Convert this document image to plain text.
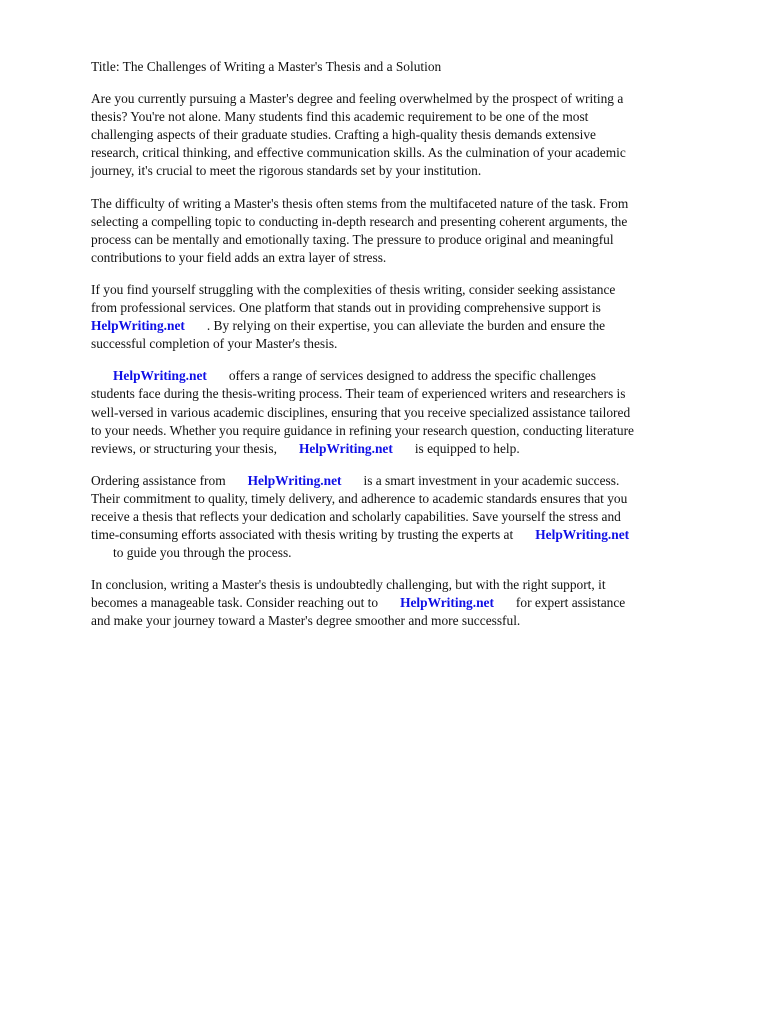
Title: The Challenges of Writing a Master's Thesis and a Solution
Are you currently pursuing a Master's degree and feeling overwhelmed by the prospect of writing a
thesis? You're not alone. Many students find this academic requirement to be one of the most
challenging aspects of their graduate studies. Crafting a high-quality thesis demands extensive
research, critical thinking, and effective communication skills. As the culmination of your academic
journey, it's crucial to meet the rigorous standards set by your institution.
The difficulty of writing a Master's thesis often stems from the multifaceted nature of the task. From
selecting a compelling topic to conducting in-depth research and presenting coherent arguments, the
process can be mentally and emotionally taxing. The pressure to produce original and meaningful
contributions to your field adds an extra layer of stress.
If you find yourself struggling with the complexities of thesis writing, consider seeking assistance
from professional services. One platform that stands out in providing comprehensive support is
HelpWriting.net . By relying on their expertise, you can alleviate the burden and ensure the
successful completion of your Master's thesis.
HelpWriting.net offers a range of services designed to address the specific challenges
students face during the thesis-writing process. Their team of experienced writers and researchers is
well-versed in various academic disciplines, ensuring that you receive specialized assistance tailored
to your needs. Whether you require guidance in refining your research question, conducting literature
reviews, or structuring your thesis, HelpWriting.net is equipped to help.
Ordering assistance from HelpWriting.net is a smart investment in your academic success.
Their commitment to quality, timely delivery, and adherence to academic standards ensures that you
receive a thesis that reflects your dedication and scholarly capabilities. Save yourself the stress and
time-consuming efforts associated with thesis writing by trusting the experts at HelpWriting.net
to guide you through the process.
In conclusion, writing a Master's thesis is undoubtedly challenging, but with the right support, it
becomes a manageable task. Consider reaching out to HelpWriting.net for expert assistance
and make your journey toward a Master's degree smoother and more successful.
